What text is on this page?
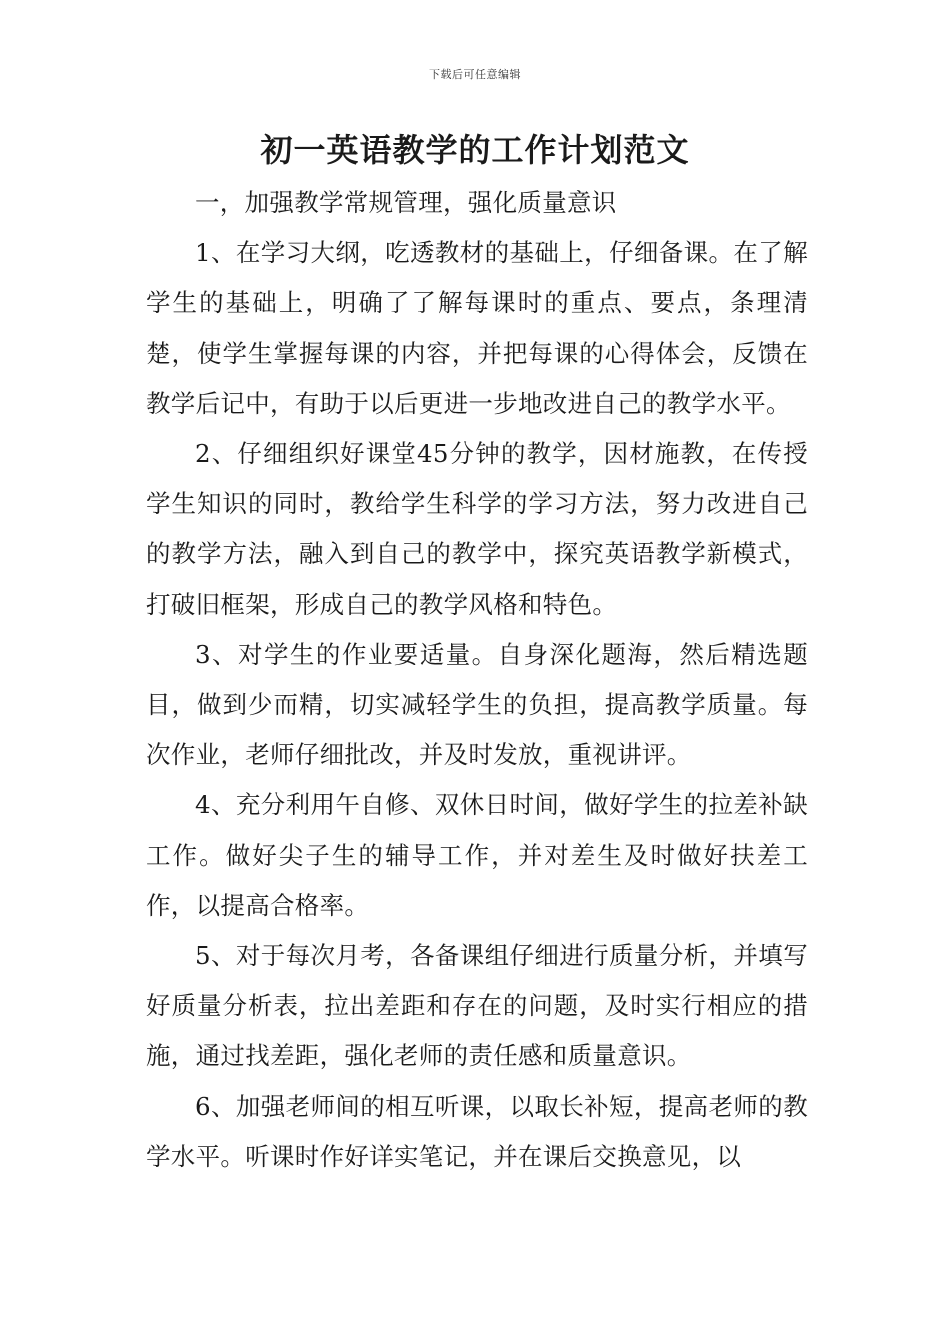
下载后可任意编辑
初一英语教学的工作计划范文

一，加强教学常规管理，强化质量意识

1、在学习大纲，吃透教材的基础上，仔细备课。在了解学生的基础上，明确了了解每课时的重点、要点，条理清楚，使学生掌握每课的内容，并把每课的心得体会，反馈在教学后记中，有助于以后更进一步地改进自己的教学水平。

2、仔细组织好课堂45分钟的教学，因材施教，在传授学生知识的同时，教给学生科学的学习方法，努力改进自己的教学方法，融入到自己的教学中，探究英语教学新模式，打破旧框架，形成自己的教学风格和特色。

3、对学生的作业要适量。自身深化题海，然后精选题目，做到少而精，切实减轻学生的负担，提高教学质量。每次作业，老师仔细批改，并及时发放，重视讲评。

4、充分利用午自修、双休日时间，做好学生的拉差补缺工作。做好尖子生的辅导工作，并对差生及时做好扶差工作，以提高合格率。

5、对于每次月考，各备课组仔细进行质量分析，并填写好质量分析表，拉出差距和存在的问题，及时实行相应的措施，通过找差距，强化老师的责任感和质量意识。

6、加强老师间的相互听课，以取长补短，提高老师的教学水平。听课时作好详实笔记，并在课后交换意见，以
